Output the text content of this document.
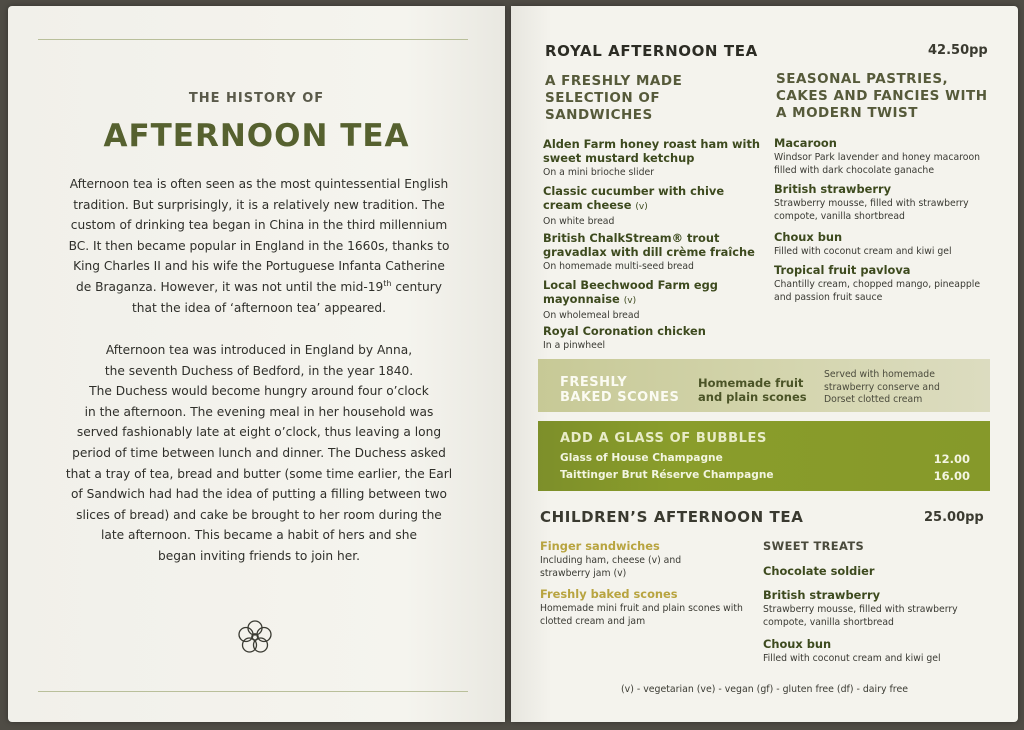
THE HISTORY OF
AFTERNOON TEA
Afternoon tea is often seen as the most quintessential English
tradition. But surprisingly, it is a relatively new tradition. The
custom of drinking tea began in China in the third millennium
BC. It then became popular in England in the 1660s, thanks to
King Charles II and his wife the Portuguese Infanta Catherine
de Braganza. However, it was not until the mid-19th century
that the idea of ‘afternoon tea’ appeared.
Afternoon tea was introduced in England by Anna,
the seventh Duchess of Bedford, in the year 1840.
The Duchess would become hungry around four o’clock
in the afternoon. The evening meal in her household was
served fashionably late at eight o’clock, thus leaving a long
period of time between lunch and dinner. The Duchess asked
that a tray of tea, bread and butter (some time earlier, the Earl
of Sandwich had had the idea of putting a filling between two
slices of bread) and cake be brought to her room during the
late afternoon. This became a habit of hers and she
began inviting friends to join her.
ROYAL AFTERNOON TEA	42.50pp
A FRESHLY MADE
SELECTION OF
SANDWICHES
SEASONAL PASTRIES,
CAKES AND FANCIES WITH
A MODERN TWIST
Alden Farm honey roast ham with
sweet mustard ketchup
On a mini brioche slider
Classic cucumber with chive
cream cheese (v)
On white bread
British ChalkStream® trout
gravadlax with dill crème fraîche
On homemade multi-seed bread
Local Beechwood Farm egg
mayonnaise (v)
On wholemeal bread
Royal Coronation chicken
In a pinwheel
Macaroon
Windsor Park lavender and honey macaroon
filled with dark chocolate ganache
British strawberry
Strawberry mousse, filled with strawberry
compote, vanilla shortbread
Choux bun
Filled with coconut cream and kiwi gel
Tropical fruit pavlova
Chantilly cream, chopped mango, pineapple
and passion fruit sauce
FRESHLY
BAKED SCONES
Homemade fruit
and plain scones
Served with homemade
strawberry conserve and
Dorset clotted cream
ADD A GLASS OF BUBBLES
Glass of House Champagne	12.00
Taittinger Brut Réserve Champagne	16.00
CHILDREN’S AFTERNOON TEA	25.00pp
Finger sandwiches
Including ham, cheese (v) and
strawberry jam (v)
Freshly baked scones
Homemade mini fruit and plain scones with
clotted cream and jam
SWEET TREATS
Chocolate soldier
British strawberry
Strawberry mousse, filled with strawberry
compote, vanilla shortbread
Choux bun
Filled with coconut cream and kiwi gel
(v) - vegetarian (ve) - vegan (gf) - gluten free (df) - dairy free
